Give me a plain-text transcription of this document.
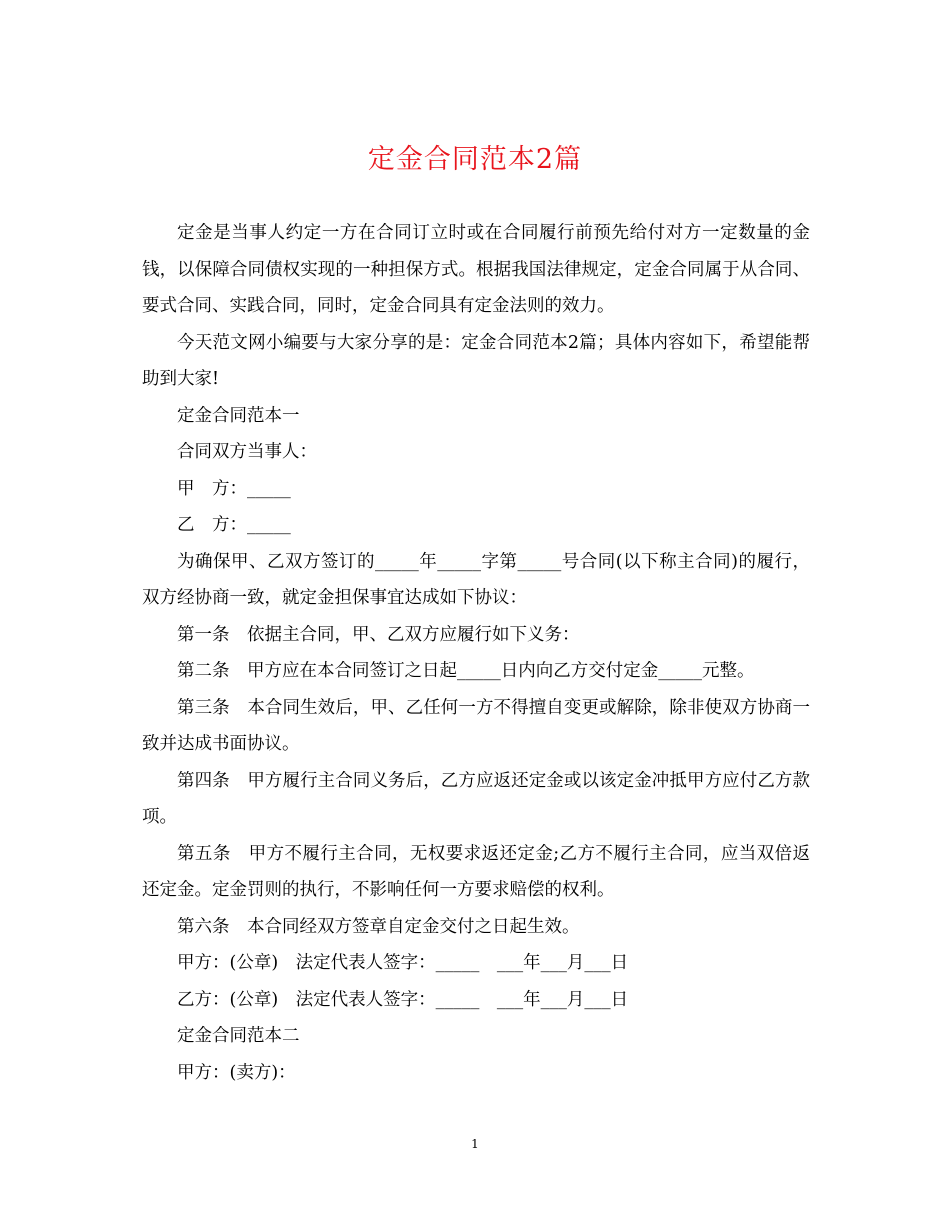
定金合同范本2篇

定金是当事人约定一方在合同订立时或在合同履行前预先给付对方一定数量的金钱，以保障合同债权实现的一种担保方式。根据我国法律规定，定金合同属于从合同、要式合同、实践合同，同时，定金合同具有定金法则的效力。

今天范文网小编要与大家分享的是：定金合同范本2篇；具体内容如下，希望能帮助到大家!

定金合同范本一

合同双方当事人：

甲　方：_____

乙　方：_____

为确保甲、乙双方签订的_____年_____字第_____号合同(以下称主合同)的履行，双方经协商一致，就定金担保事宜达成如下协议：

第一条　依据主合同，甲、乙双方应履行如下义务：

第二条　甲方应在本合同签订之日起_____日内向乙方交付定金_____元整。

第三条　本合同生效后，甲、乙任何一方不得擅自变更或解除，除非使双方协商一致并达成书面协议。

第四条　甲方履行主合同义务后，乙方应返还定金或以该定金冲抵甲方应付乙方款项。

第五条　甲方不履行主合同，无权要求返还定金;乙方不履行主合同，应当双倍返还定金。定金罚则的执行，不影响任何一方要求赔偿的权利。

第六条　本合同经双方签章自定金交付之日起生效。

甲方：(公章)　法定代表人签字：_____　___年___月___日

乙方：(公章)　法定代表人签字：_____　___年___月___日

定金合同范本二

甲方：(卖方)：

1
